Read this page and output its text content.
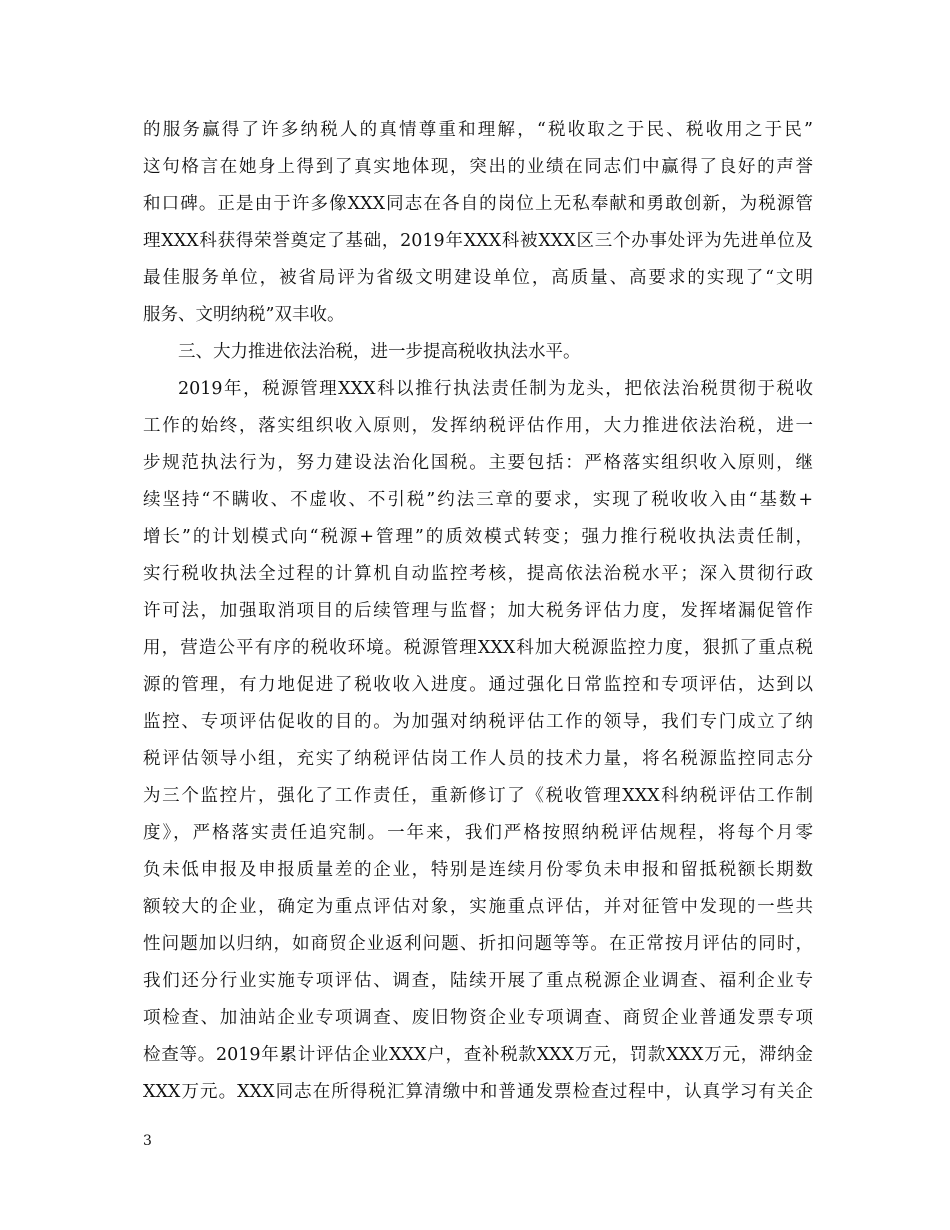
的服务赢得了许多纳税人的真情尊重和理解，“税收取之于民、税收用之于民”
这句格言在她身上得到了真实地体现，突出的业绩在同志们中赢得了良好的声誉
和口碑。正是由于许多像XXX同志在各自的岗位上无私奉献和勇敢创新，为税源管
理XXX科获得荣誉奠定了基础，2019年XXX科被XXX区三个办事处评为先进单位及
最佳服务单位，被省局评为省级文明建设单位，高质量、高要求的实现了“文明
服务、文明纳税”双丰收。
三、大力推进依法治税，进一步提高税收执法水平。
2019年，税源管理XXX科以推行执法责任制为龙头，把依法治税贯彻于税收
工作的始终，落实组织收入原则，发挥纳税评估作用，大力推进依法治税，进一
步规范执法行为，努力建设法治化国税。主要包括：严格落实组织收入原则，继
续坚持“不瞒收、不虚收、不引税”约法三章的要求，实现了税收收入由“基数+
增长”的计划模式向“税源+管理”的质效模式转变；强力推行税收执法责任制，
实行税收执法全过程的计算机自动监控考核，提高依法治税水平；深入贯彻行政
许可法，加强取消项目的后续管理与监督；加大税务评估力度，发挥堵漏促管作
用，营造公平有序的税收环境。税源管理XXX科加大税源监控力度，狠抓了重点税
源的管理，有力地促进了税收收入进度。通过强化日常监控和专项评估，达到以
监控、专项评估促收的目的。为加强对纳税评估工作的领导，我们专门成立了纳
税评估领导小组，充实了纳税评估岗工作人员的技术力量，将名税源监控同志分
为三个监控片，强化了工作责任，重新修订了《税收管理XXX科纳税评估工作制
度》，严格落实责任追究制。一年来，我们严格按照纳税评估规程，将每个月零
负未低申报及申报质量差的企业，特别是连续月份零负未申报和留抵税额长期数
额较大的企业，确定为重点评估对象，实施重点评估，并对征管中发现的一些共
性问题加以归纳，如商贸企业返利问题、折扣问题等等。在正常按月评估的同时，
我们还分行业实施专项评估、调查，陆续开展了重点税源企业调查、福利企业专
项检查、加油站企业专项调查、废旧物资企业专项调查、商贸企业普通发票专项
检查等。2019年累计评估企业XXX户，查补税款XXX万元，罚款XXX万元，滞纳金
XXX万元。XXX同志在所得税汇算清缴中和普通发票检查过程中，认真学习有关企
3
